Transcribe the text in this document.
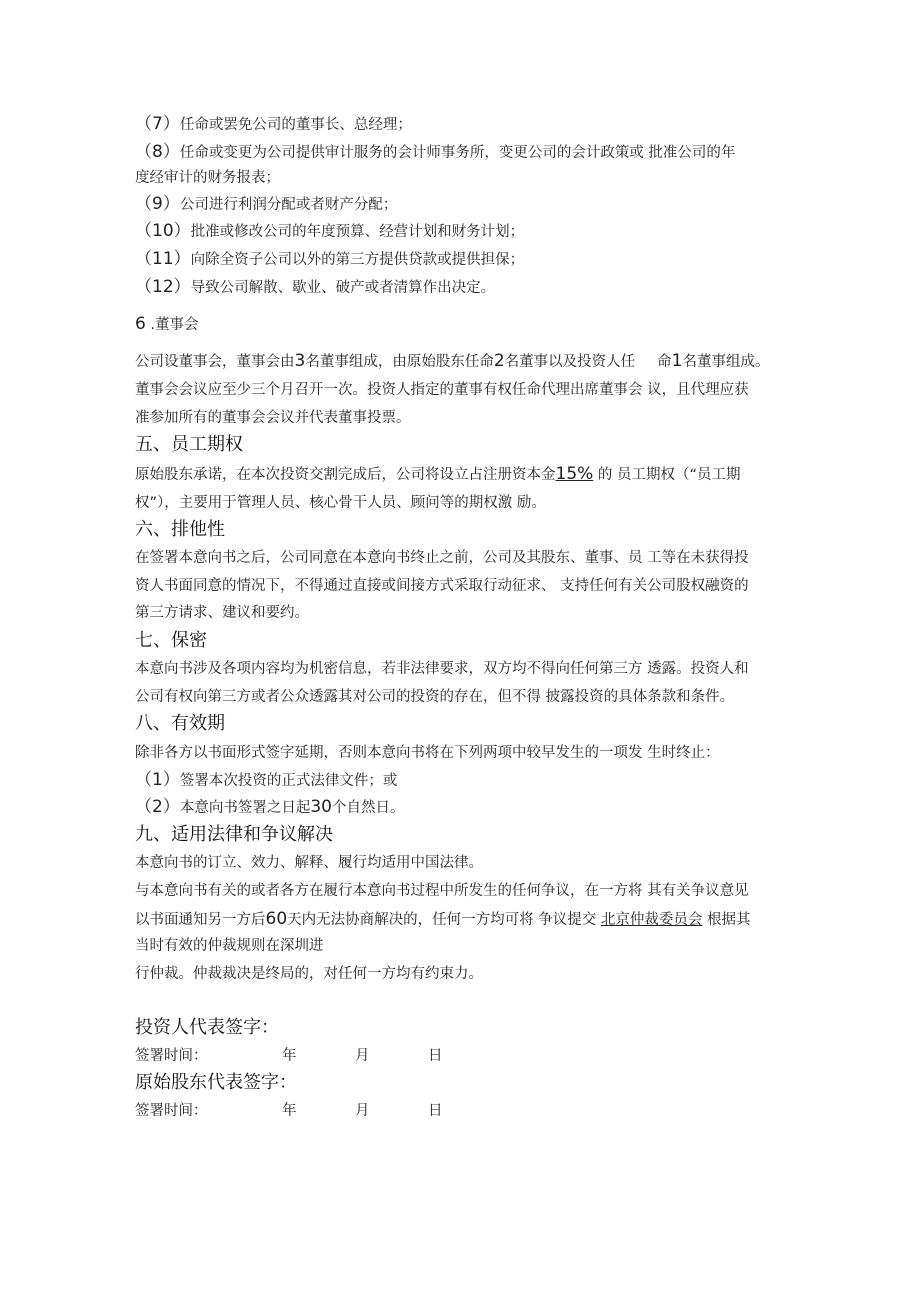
（7）任命或罢免公司的董事长、总经理；
（8）任命或变更为公司提供审计服务的会计师事务所，变更公司的会计政策或 批准公司的年
度经审计的财务报表；
（9）公司进行利润分配或者财产分配；
（10）批准或修改公司的年度预算、经营计划和财务计划；
（11）向除全资子公司以外的第三方提供贷款或提供担保；
（12）导致公司解散、歇业、破产或者清算作出决定。
6 .董事会
公司设董事会，董事会由3名董事组成，由原始股东任命2名董事以及投资人任 命1名董事组成。
董事会会议应至少三个月召开一次。投资人指定的董事有权任命代理出席董事会 议，且代理应获
准参加所有的董事会会议并代表董事投票。
五、员工期权
原始股东承诺，在本次投资交割完成后，公司将设立占注册资本金15% 的 员工期权（“员工期
权”），主要用于管理人员、核心骨干人员、顾问等的期权激 励。
六、排他性
在签署本意向书之后，公司同意在本意向书终止之前，公司及其股东、董事、员 工等在未获得投
资人书面同意的情况下，不得通过直接或间接方式采取行动征求、 支持任何有关公司股权融资的
第三方请求、建议和要约。
七、保密
本意向书涉及各项内容均为机密信息，若非法律要求，双方均不得向任何第三方 透露。投资人和
公司有权向第三方或者公众透露其对公司的投资的存在，但不得 披露投资的具体条款和条件。
八、有效期
除非各方以书面形式签字延期，否则本意向书将在下列两项中较早发生的一项发 生时终止：
（1）签署本次投资的正式法律文件；或
（2）本意向书签署之日起30个自然日。
九、适用法律和争议解决
本意向书的订立、效力、解释、履行均适用中国法律。
与本意向书有关的或者各方在履行本意向书过程中所发生的任何争议，在一方将 其有关争议意见
以书面通知另一方后60天内无法协商解决的，任何一方均可将 争议提交 北京仲裁委员会 根据其
当时有效的仲裁规则在深圳进
行仲裁。仲裁裁决是终局的，对任何一方均有约束力。
投资人代表签字：
签署时间：	年	月	日
原始股东代表签字：
签署时间：	年	月	日
